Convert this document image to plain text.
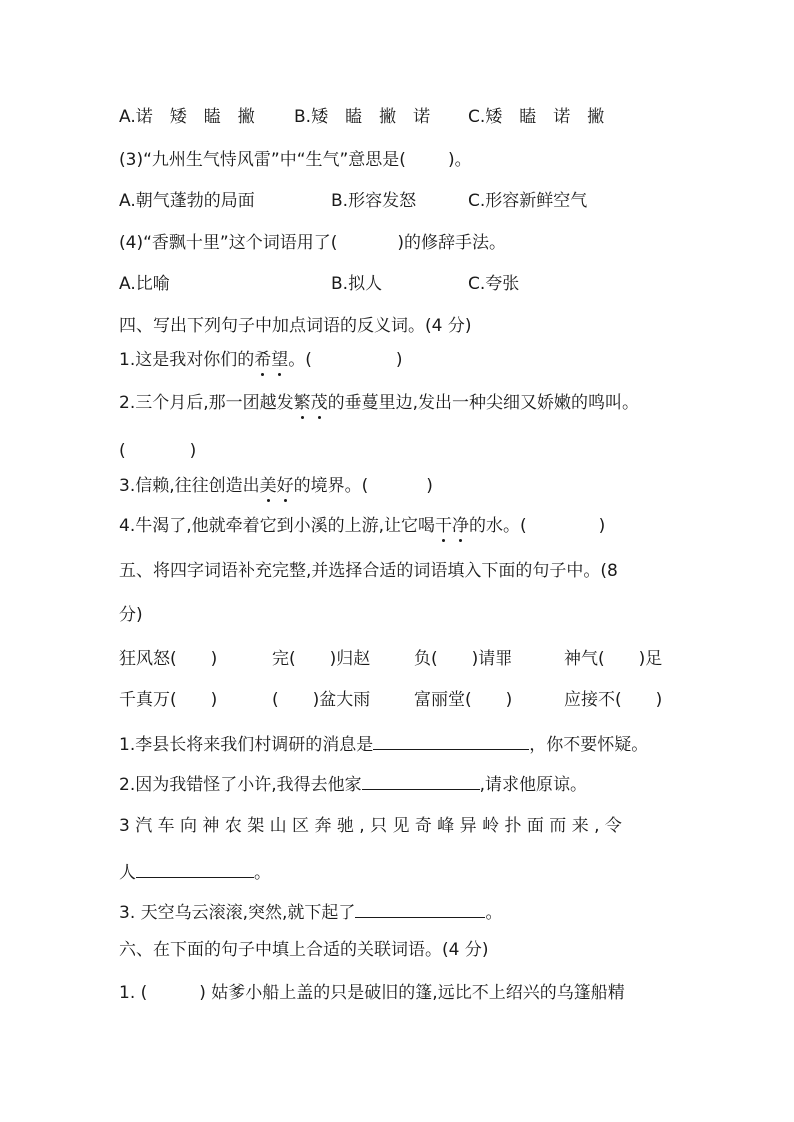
A.诺　矮　瞌　撇 B.矮　瞌　撇　诺 C.矮　瞌　诺　撇
(3)“九州生气恃风雷”中“生气”意思是( )。
A.朝气蓬勃的局面	B.形容发怒	C.形容新鲜空气
(4)“香飘十里”这个词语用了(	)的修辞手法。
A.比喻	B.拟人	C.夸张
四、写出下列句子中加点词语的反义词。(4 分)
1.这是我对你们的希望。(	)
2.三个月后,那一团越发繁茂的垂蔓里边,发出一种尖细又娇嫩的鸣叫。
(	)
3.信赖,往往创造出美好的境界。(	)
4.牛渴了,他就牵着它到小溪的上游,让它喝干净的水。(	)
五、将四字词语补充完整,并选择合适的词语填入下面的句子中。(8
分)
狂风怒(　　)	完(　　)归赵	负(　　)请罪	神气(　　)足
千真万(　　)	(　　)盆大雨	富丽堂(　　)	应接不(　　)
1.李县长将来我们村调研的消息是	，你不要怀疑。
2.因为我错怪了小许,我得去他家	,请求他原谅。
3 汽 车 向 神 农 架 山 区 奔 驰 , 只 见 奇 峰 异 岭 扑 面 而 来 , 令
人	。
3. 天空乌云滚滚,突然,就下起了	。
六、在下面的句子中填上合适的关联词语。(4 分)
1. (	) 姑爹小船上盖的只是破旧的篷,远比不上绍兴的乌篷船精
